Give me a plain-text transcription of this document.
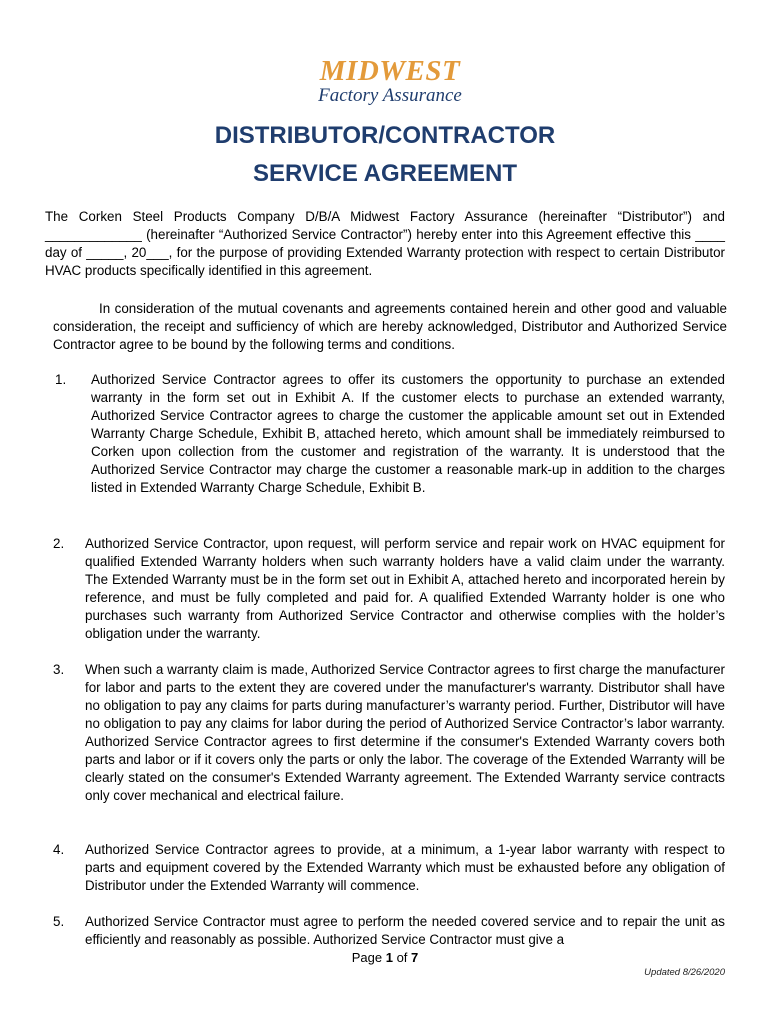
MIDWEST
Factory Assurance
DISTRIBUTOR/CONTRACTOR
SERVICE AGREEMENT
The Corken Steel Products Company D/B/A Midwest Factory Assurance (hereinafter “Distributor”) and _____________ (hereinafter “Authorized Service Contractor”) hereby enter into this Agreement effective this ____ day of _____, 20___, for the purpose of providing Extended Warranty protection with respect to certain Distributor HVAC products specifically identified in this agreement.
In consideration of the mutual covenants and agreements contained herein and other good and valuable consideration, the receipt and sufficiency of which are hereby acknowledged, Distributor and Authorized Service Contractor agree to be bound by the following terms and conditions.
1. Authorized Service Contractor agrees to offer its customers the opportunity to purchase an extended warranty in the form set out in Exhibit A. If the customer elects to purchase an extended warranty, Authorized Service Contractor agrees to charge the customer the applicable amount set out in Extended Warranty Charge Schedule, Exhibit B, attached hereto, which amount shall be immediately reimbursed to Corken upon collection from the customer and registration of the warranty. It is understood that the Authorized Service Contractor may charge the customer a reasonable mark-up in addition to the charges listed in Extended Warranty Charge Schedule, Exhibit B.
2. Authorized Service Contractor, upon request, will perform service and repair work on HVAC equipment for qualified Extended Warranty holders when such warranty holders have a valid claim under the warranty. The Extended Warranty must be in the form set out in Exhibit A, attached hereto and incorporated herein by reference, and must be fully completed and paid for. A qualified Extended Warranty holder is one who purchases such warranty from Authorized Service Contractor and otherwise complies with the holder’s obligation under the warranty.
3. When such a warranty claim is made, Authorized Service Contractor agrees to first charge the manufacturer for labor and parts to the extent they are covered under the manufacturer's warranty. Distributor shall have no obligation to pay any claims for parts during manufacturer’s warranty period. Further, Distributor will have no obligation to pay any claims for labor during the period of Authorized Service Contractor’s labor warranty. Authorized Service Contractor agrees to first determine if the consumer's Extended Warranty covers both parts and labor or if it covers only the parts or only the labor. The coverage of the Extended Warranty will be clearly stated on the consumer's Extended Warranty agreement. The Extended Warranty service contracts only cover mechanical and electrical failure.
4. Authorized Service Contractor agrees to provide, at a minimum, a 1-year labor warranty with respect to parts and equipment covered by the Extended Warranty which must be exhausted before any obligation of Distributor under the Extended Warranty will commence.
5. Authorized Service Contractor must agree to perform the needed covered service and to repair the unit as efficiently and reasonably as possible. Authorized Service Contractor must give a
Page 1 of 7
Updated 8/26/2020
